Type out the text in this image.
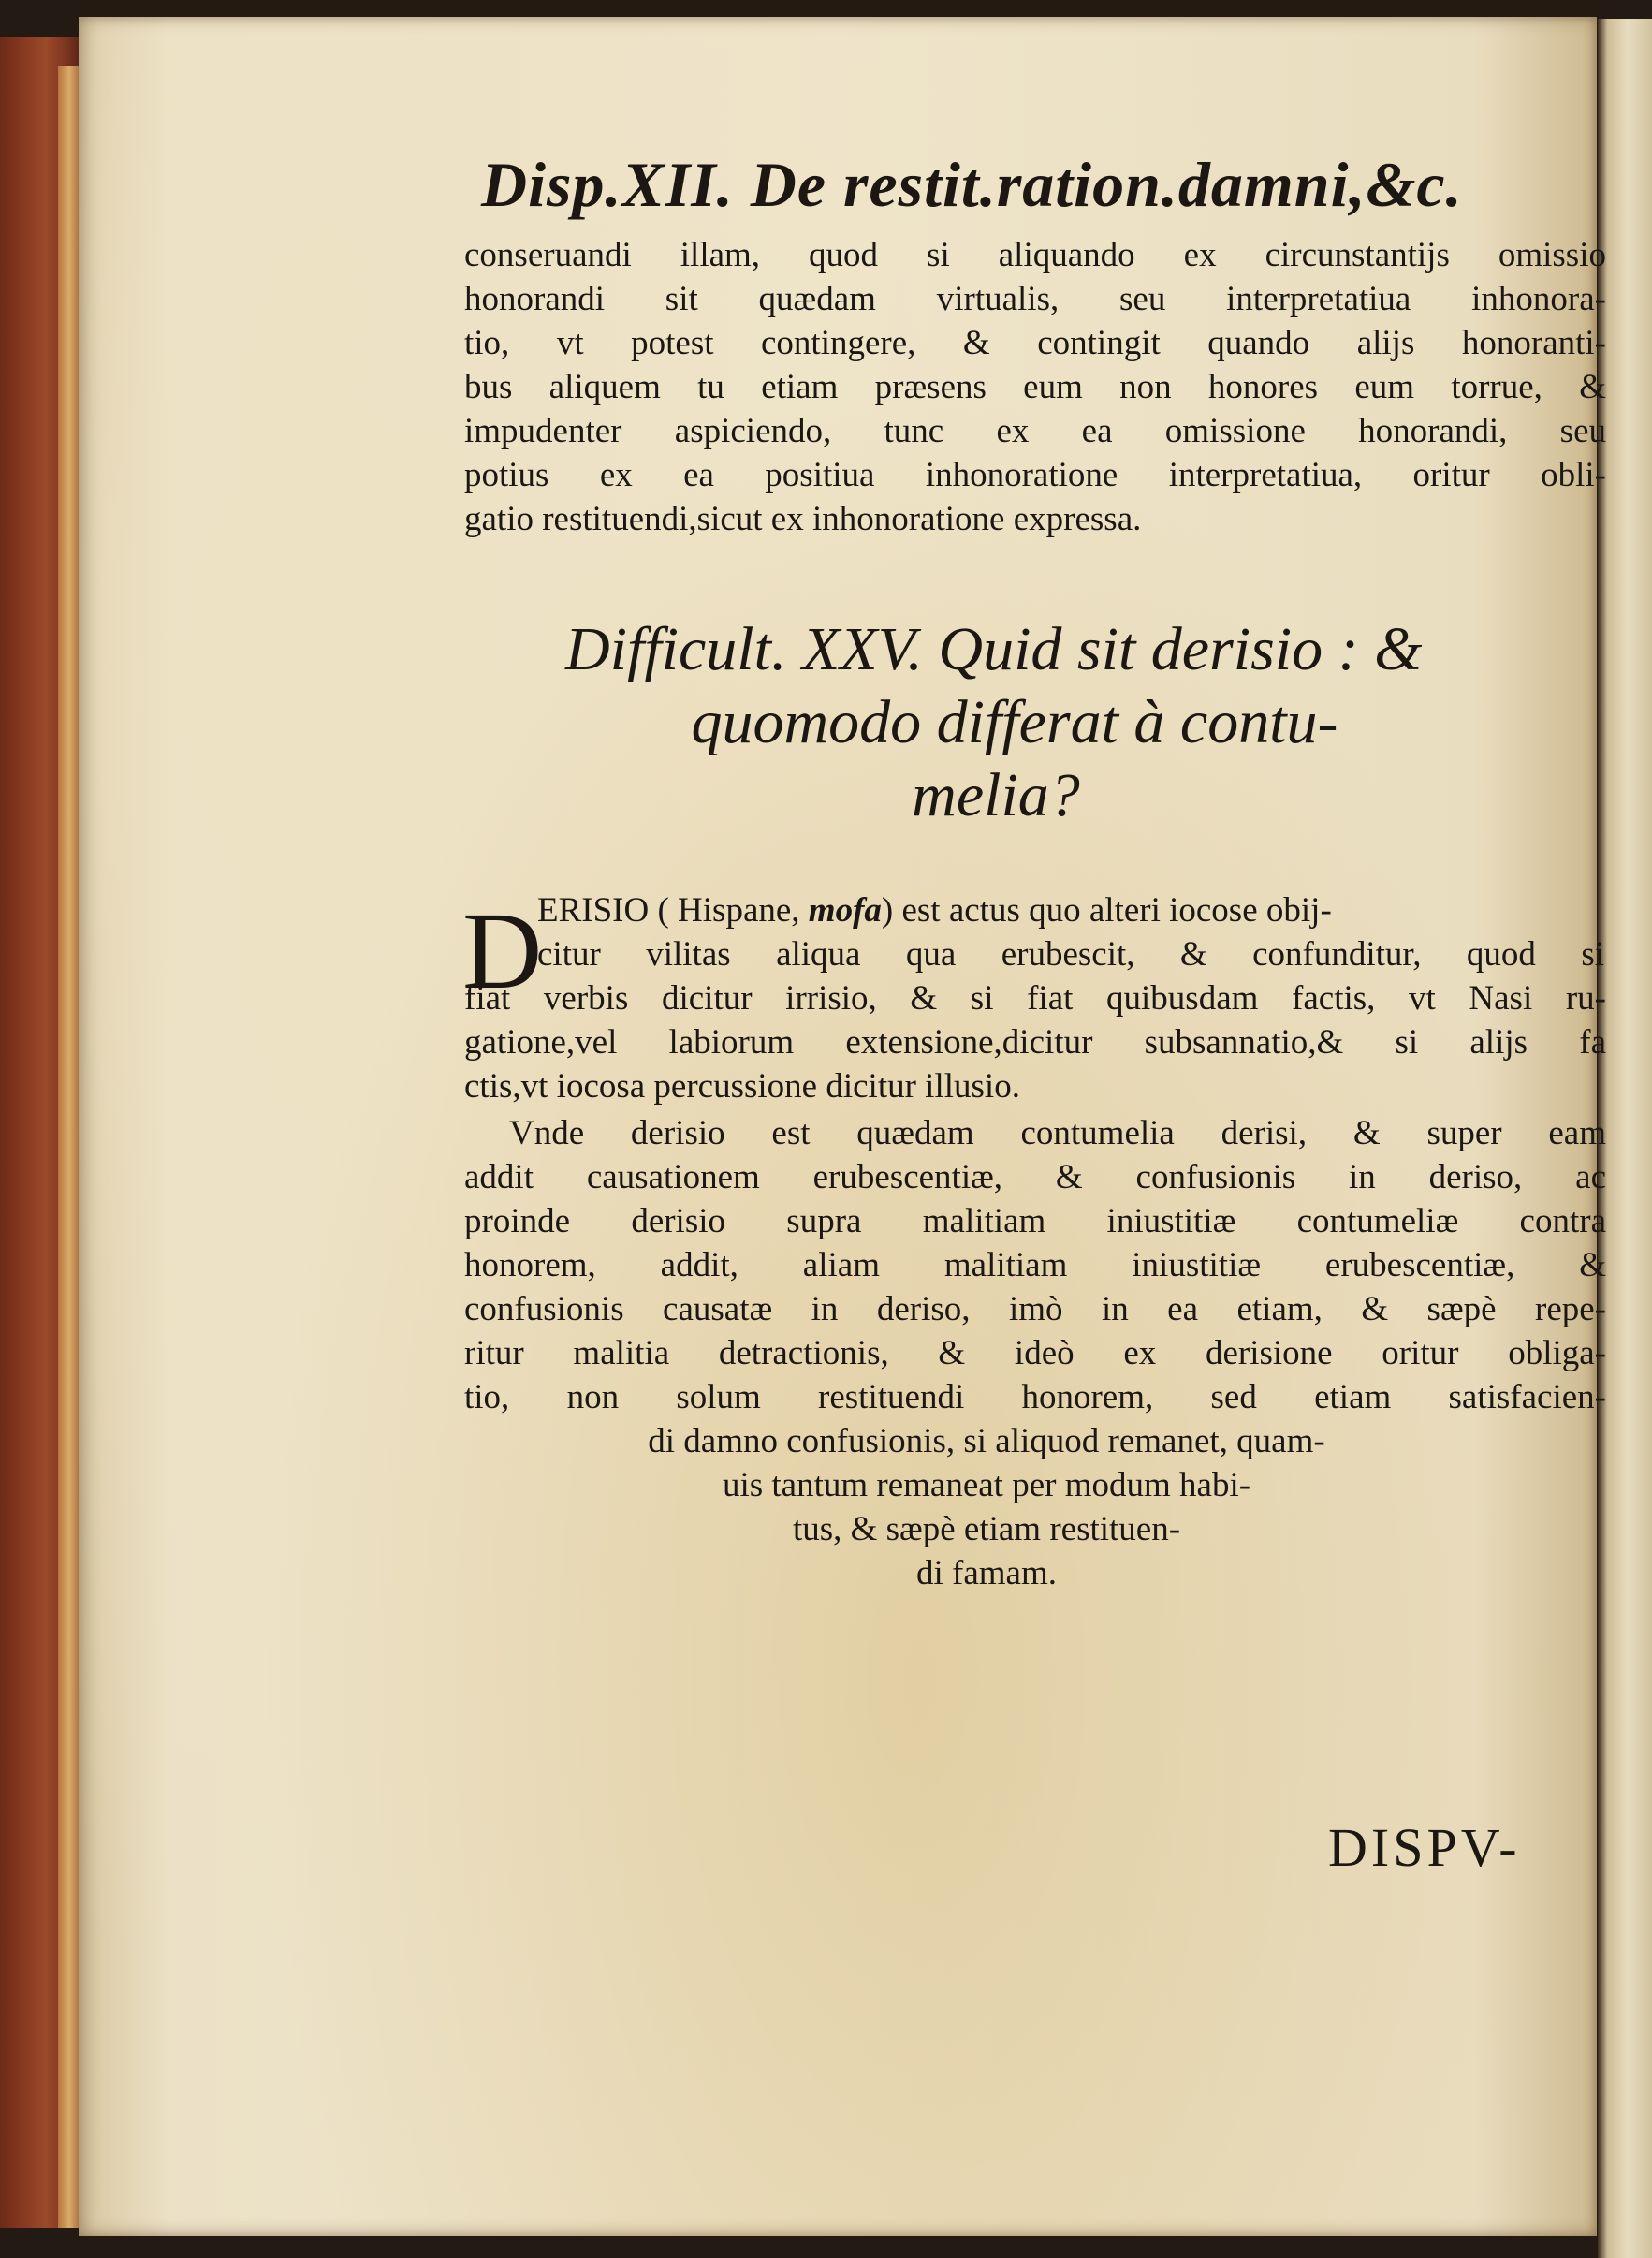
Disp.XII. De restit.ration.damni,&c.
conseruandi illam, quod si aliquando ex circunstantijs omissio
honorandi sit quædam virtualis, seu interpretatiua inhonora-
tio, vt potest contingere, & contingit quando alijs honoranti-
bus aliquem tu etiam præsens eum non honores eum torrue, &
impudenter aspiciendo, tunc ex ea omissione honorandi, seu
potius ex ea positiua inhonoratione interpretatiua, oritur obli-
gatio restituendi,sicut ex inhonoratione expressa.
Difficult. XXV. Quid sit derisio : &
quomodo differat à contu-
melia?
D
ERISIO ( Hispane, mofa) est actus quo alteri iocose obij-
citur vilitas aliqua qua erubescit, & confunditur, quod si
fiat verbis dicitur irrisio, & si fiat quibusdam factis, vt Nasi ru-
gatione,vel labiorum extensione,dicitur subsannatio,& si alijs fa
ctis,vt iocosa percussione dicitur illusio.
Vnde derisio est quædam contumelia derisi, & super eam
addit causationem erubescentiæ, & confusionis in deriso, ac
proinde derisio supra malitiam iniustitiæ contumeliæ contra
honorem, addit, aliam malitiam iniustitiæ erubescentiæ, &
confusionis causatæ in deriso, imò in ea etiam, & sæpè repe-
ritur malitia detractionis, & ideò ex derisione oritur obliga-
tio, non solum restituendi honorem, sed etiam satisfacien-
di damno confusionis, si aliquod remanet, quam-
uis tantum remaneat per modum habi-
tus, & sæpè etiam restituen-
di famam.
DISPV-
